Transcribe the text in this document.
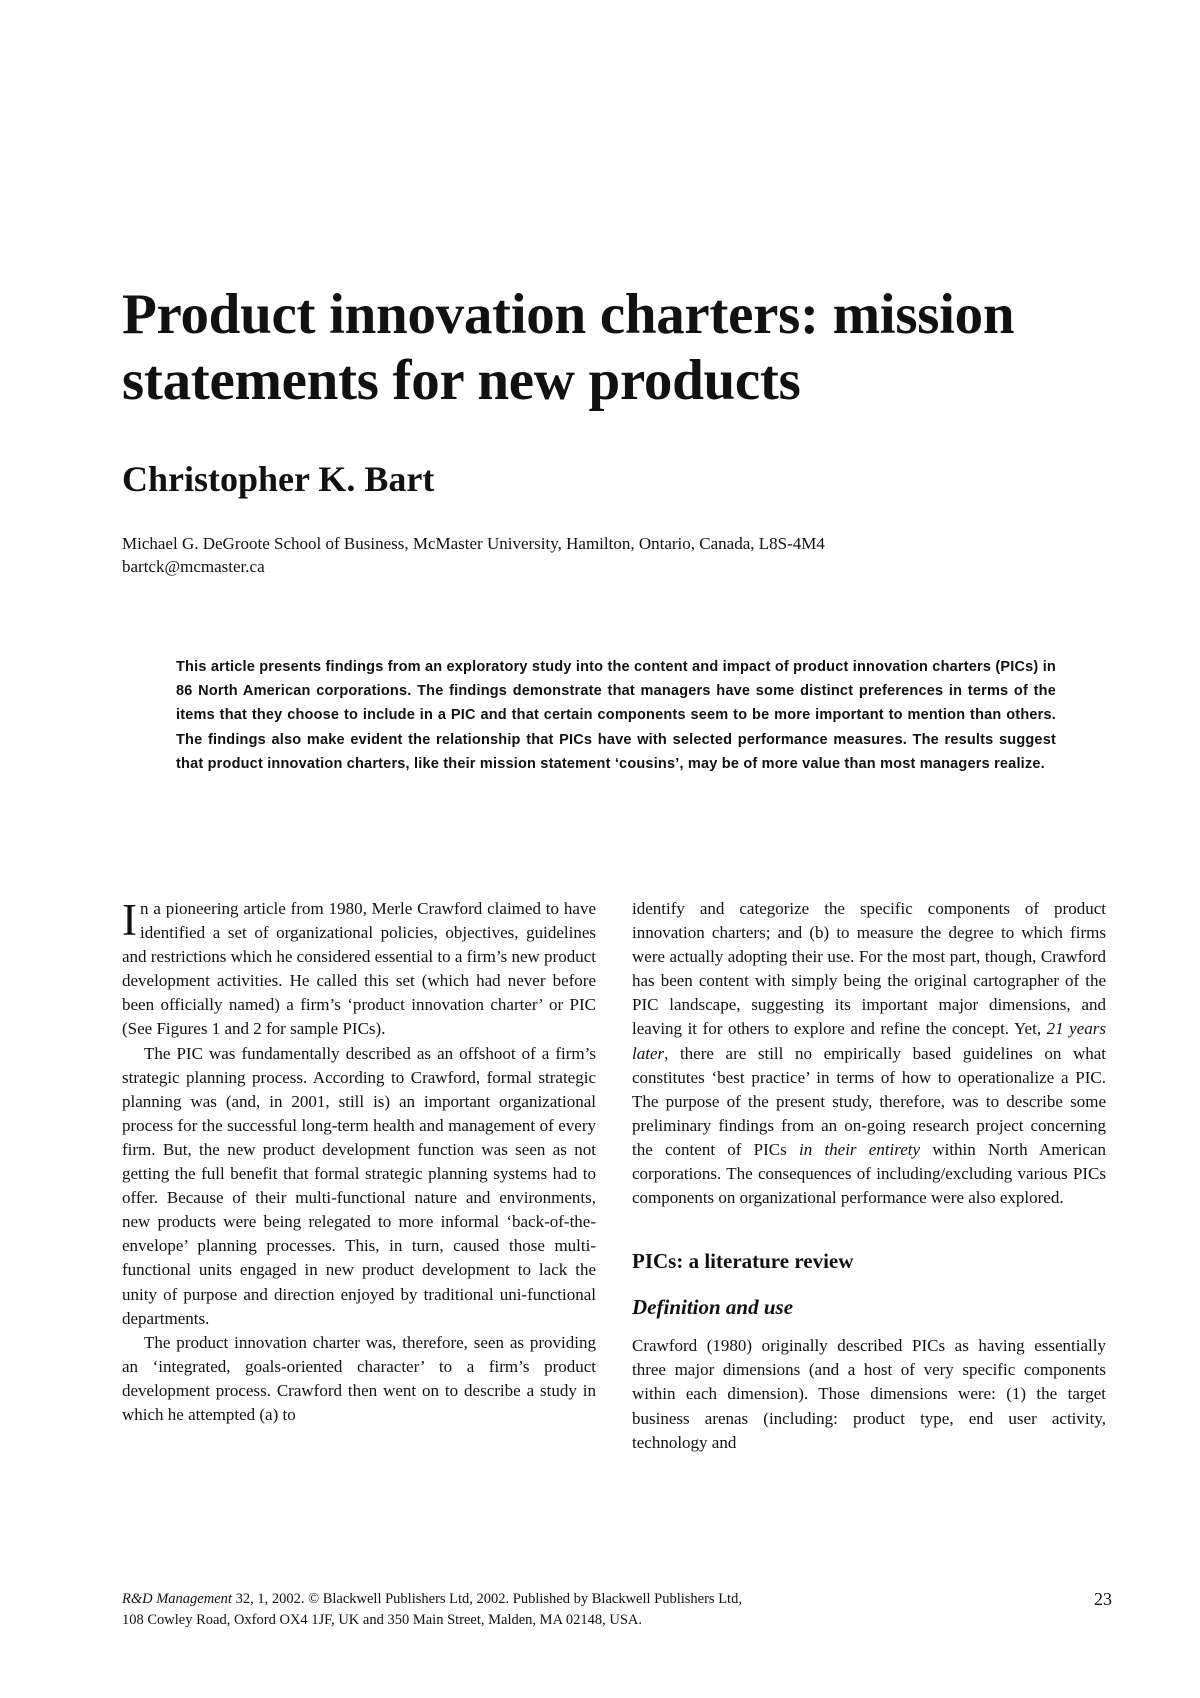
Product innovation charters: mission statements for new products
Christopher K. Bart
Michael G. DeGroote School of Business, McMaster University, Hamilton, Ontario, Canada, L8S-4M4
bartck@mcmaster.ca

This article presents findings from an exploratory study into the content and impact of product innovation charters (PICs) in 86 North American corporations. The findings demonstrate that managers have some distinct preferences in terms of the items that they choose to include in a PIC and that certain components seem to be more important to mention than others. The findings also make evident the relationship that PICs have with selected performance measures. The results suggest that product innovation charters, like their mission statement ‘cousins’, may be of more value than most managers realize.

In a pioneering article from 1980, Merle Crawford claimed to have identified a set of organizational policies, objectives, guidelines and restrictions which he considered essential to a firm’s new product development activities. He called this set (which had never before been officially named) a firm’s ‘product innovation charter’ or PIC (See Figures 1 and 2 for sample PICs).

The PIC was fundamentally described as an offshoot of a firm’s strategic planning process. According to Crawford, formal strategic planning was (and, in 2001, still is) an important organizational process for the successful long-term health and management of every firm. But, the new product development function was seen as not getting the full benefit that formal strategic planning systems had to offer. Because of their multi-functional nature and environments, new products were being relegated to more informal ‘back-of-the-envelope’ planning processes. This, in turn, caused those multi-functional units engaged in new product development to lack the unity of purpose and direction enjoyed by traditional uni-functional departments.

The product innovation charter was, therefore, seen as providing an ‘integrated, goals-oriented character’ to a firm’s product development process. Crawford then went on to describe a study in which he attempted (a) to

identify and categorize the specific components of product innovation charters; and (b) to measure the degree to which firms were actually adopting their use. For the most part, though, Crawford has been content with simply being the original cartographer of the PIC landscape, suggesting its important major dimensions, and leaving it for others to explore and refine the concept. Yet, 21 years later, there are still no empirically based guidelines on what constitutes ‘best practice’ in terms of how to operationalize a PIC. The purpose of the present study, therefore, was to describe some preliminary findings from an on-going research project concerning the content of PICs in their entirety within North American corporations. The consequences of including/excluding various PICs components on organizational performance were also explored.

PICs: a literature review
Definition and use

Crawford (1980) originally described PICs as having essentially three major dimensions (and a host of very specific components within each dimension). Those dimensions were: (1) the target business arenas (including: product type, end user activity, technology and

R&D Management 32, 1, 2002. © Blackwell Publishers Ltd, 2002. Published by Blackwell Publishers Ltd,
108 Cowley Road, Oxford OX4 1JF, UK and 350 Main Street, Malden, MA 02148, USA.
23
